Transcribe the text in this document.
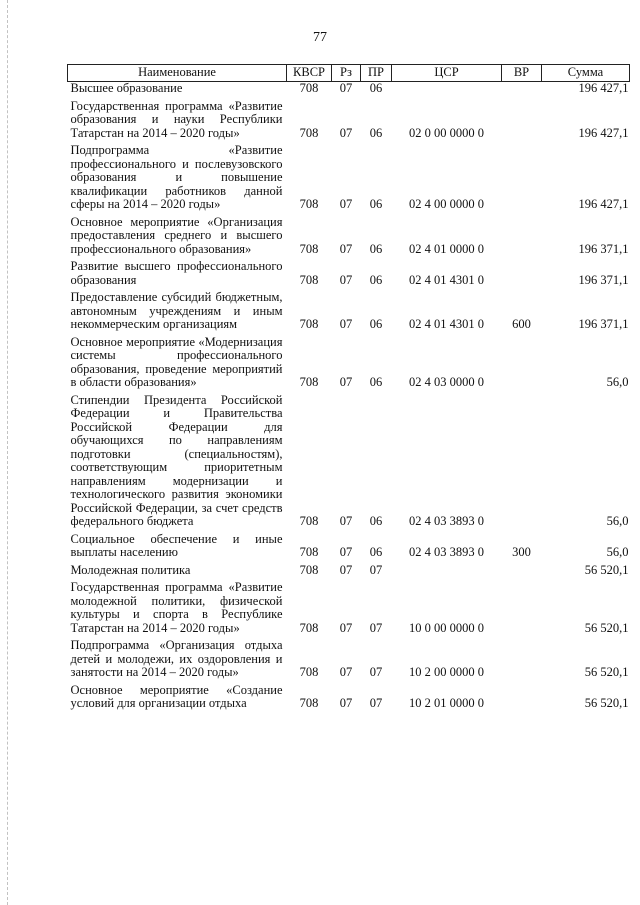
77
Наименование	КВСР	Рз	ПР	ЦСР	ВР	Сумма
Высшее образование	708	07	06			196 427,1
Государственная программа «Развитие образования и науки Республики Татарстан на 2014 – 2020 годы»	708	07	06	02 0 00 0000 0		196 427,1
Подпрограмма «Развитие профессионального и послевузовского образования и повышение квалификации работников данной сферы на 2014 – 2020 годы»	708	07	06	02 4 00 0000 0		196 427,1
Основное мероприятие «Организация предоставления среднего и высшего профессионального образования»	708	07	06	02 4 01 0000 0		196 371,1
Развитие высшего профессионального образования	708	07	06	02 4 01 4301 0		196 371,1
Предоставление субсидий бюджетным, автономным учреждениям и иным некоммерческим организациям	708	07	06	02 4 01 4301 0	600	196 371,1
Основное мероприятие «Модернизация системы профессионального образования, проведение мероприятий в области образования»	708	07	06	02 4 03 0000 0		56,0
Стипендии Президента Российской Федерации и Правительства Российской Федерации для обучающихся по направлениям подготовки (специальностям), соответствующим приоритетным направлениям модернизации и технологического развития экономики Российской Федерации, за счет средств федерального бюджета	708	07	06	02 4 03 3893 0		56,0
Социальное обеспечение и иные выплаты населению	708	07	06	02 4 03 3893 0	300	56,0
Молодежная политика	708	07	07			56 520,1
Государственная программа «Развитие молодежной политики, физической культуры и спорта в Республике Татарстан на 2014 – 2020 годы»	708	07	07	10 0 00 0000 0		56 520,1
Подпрограмма «Организация отдыха детей и молодежи, их оздоровления и занятости на 2014 – 2020 годы»	708	07	07	10 2 00 0000 0		56 520,1
Основное мероприятие «Создание условий для организации отдыха	708	07	07	10 2 01 0000 0		56 520,1
